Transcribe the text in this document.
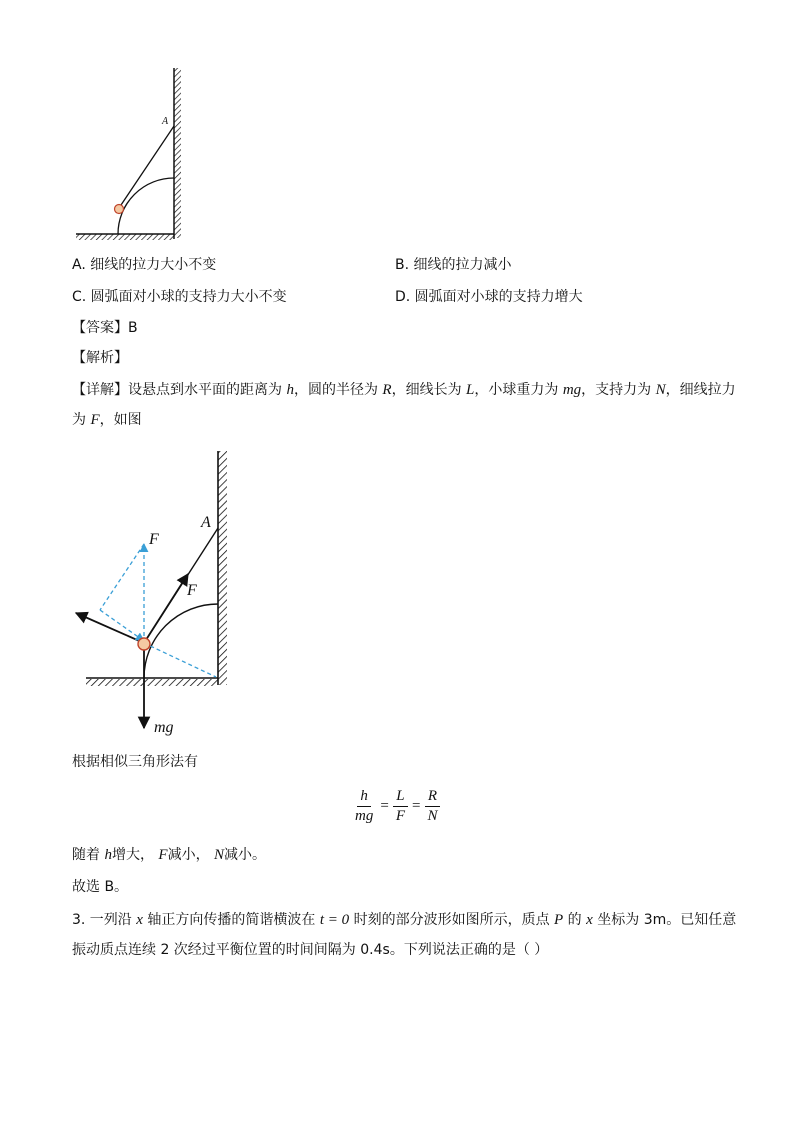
A
A. 细线的拉力大小不变	B. 细线的拉力减小
C. 圆弧面对小球的支持力大小不变	D. 圆弧面对小球的支持力增大
【答案】B
【解析】
【详解】设悬点到水平面的距离为 h，圆的半径为 R，细线长为 L，小球重力为 mg，支持力为 N，细线拉力
为 F，如图
A
F
F
mg
根据相似三角形法有
$\frac{h}{mg} = \frac{L}{F} = \frac{R}{N}$
随着 h增大， F减小， N减小。
故选 B。
3. 一列沿 x 轴正方向传播的简谐横波在 t = 0 时刻的部分波形如图所示，质点 P 的 x 坐标为 3m。已知任意
振动质点连续 2 次经过平衡位置的时间间隔为 0.4s。下列说法正确的是（ ）
